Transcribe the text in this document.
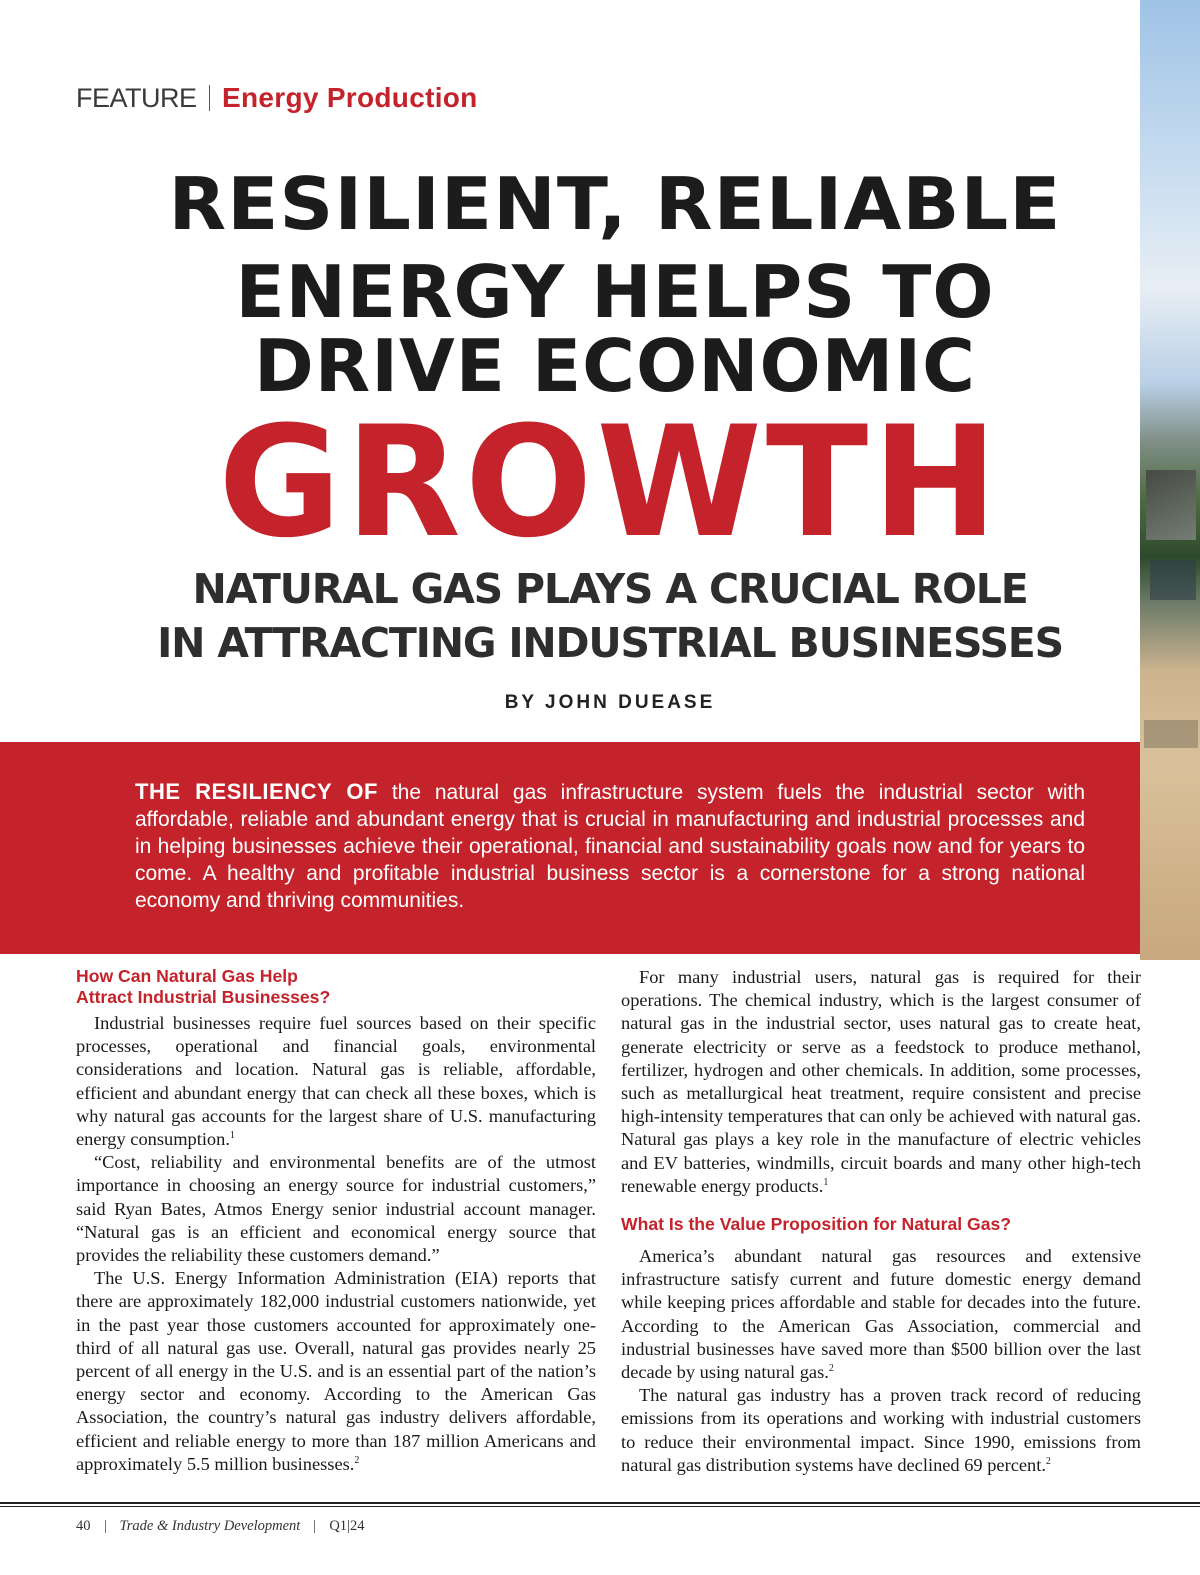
FEATURE Energy Production
RESILIENT, RELIABLE
ENERGY HELPS TO
DRIVE ECONOMIC
GROWTH
NATURAL GAS PLAYS A CRUCIAL ROLE
IN ATTRACTING INDUSTRIAL BUSINESSES
BY JOHN DUEASE

THE RESILIENCY OF the natural gas infrastructure system fuels the industrial sector with affordable, reliable and abundant energy that is crucial in manufacturing and industrial processes and in helping businesses achieve their operational, financial and sustainability goals now and for years to come. A healthy and profitable industrial business sector is a cornerstone for a strong national economy and thriving communities.

How Can Natural Gas Help
Attract Industrial Businesses?

Industrial businesses require fuel sources based on their specific processes, operational and financial goals, environmental considerations and location. Natural gas is reliable, affordable, efficient and abundant energy that can check all these boxes, which is why natural gas accounts for the largest share of U.S. manufacturing energy consumption.$^1$

“Cost, reliability and environmental benefits are of the utmost importance in choosing an energy source for industrial customers,” said Ryan Bates, Atmos Energy senior industrial account manager. “Natural gas is an efficient and economical energy source that provides the reliability these customers demand.”

The U.S. Energy Information Administration (EIA) reports that there are approximately 182,000 industrial customers nationwide, yet in the past year those customers accounted for approximately one-third of all natural gas use. Overall, natural gas provides nearly 25 percent of all energy in the U.S. and is an essential part of the nation’s energy sector and economy. According to the American Gas Association, the country’s natural gas industry delivers affordable, efficient and reliable energy to more than 187 million Americans and approximately 5.5 million businesses.$^2$

For many industrial users, natural gas is required for their operations. The chemical industry, which is the largest consumer of natural gas in the industrial sector, uses natural gas to create heat, generate electricity or serve as a feedstock to produce methanol, fertilizer, hydrogen and other chemicals. In addition, some processes, such as metallurgical heat treatment, require consistent and precise high-intensity temperatures that can only be achieved with natural gas. Natural gas plays a key role in the manufacture of electric vehicles and EV batteries, windmills, circuit boards and many other high-tech renewable energy products.$^1$

What Is the Value Proposition for Natural Gas?

America’s abundant natural gas resources and extensive infrastructure satisfy current and future domestic energy demand while keeping prices affordable and stable for decades into the future. According to the American Gas Association, commercial and industrial businesses have saved more than $500 billion over the last decade by using natural gas.$^2$

The natural gas industry has a proven track record of reducing emissions from its operations and working with industrial customers to reduce their environmental impact. Since 1990, emissions from natural gas distribution systems have declined 69 percent.$^2$

40 Trade & Industry Development Q1|24
